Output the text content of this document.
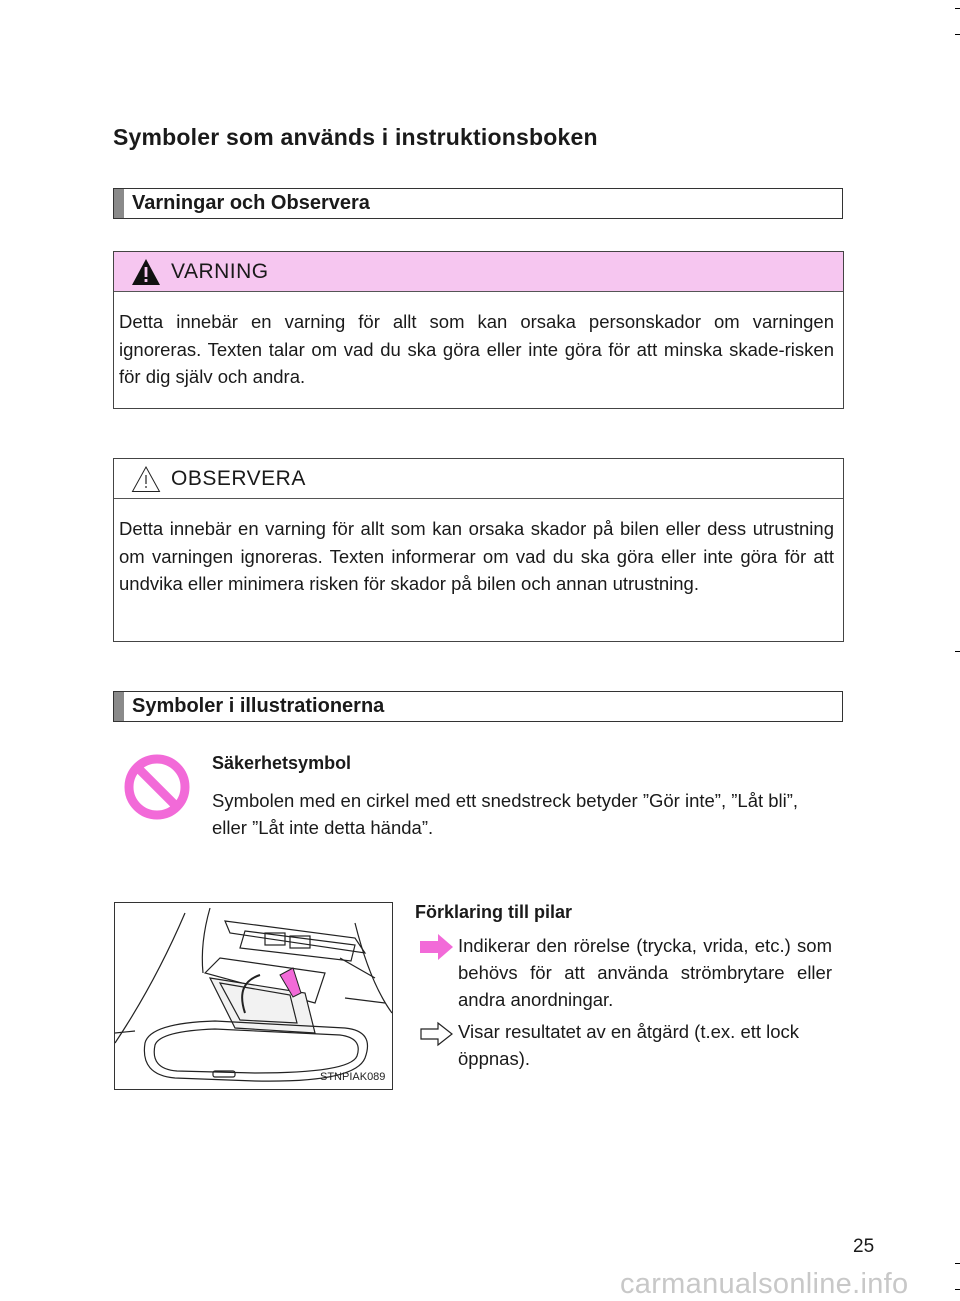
Symboler som används i instruktionsboken
Varningar och Observera
VARNING
Detta innebär en varning för allt som kan orsaka personskador om varningen ignoreras. Texten talar om vad du ska göra eller inte göra för att minska skade-risken för dig själv och andra.
OBSERVERA
Detta innebär en varning för allt som kan orsaka skador på bilen eller dess utrustning om varningen ignoreras. Texten informerar om vad du ska göra eller inte göra för att undvika eller minimera risken för skador på bilen och annan utrustning.
Symboler i illustrationerna
Säkerhetsymbol
Symbolen med en cirkel med ett snedstreck betyder ”Gör inte”, ”Låt bli”, eller ”Låt inte detta hända”.
STNPIAK089
Förklaring till pilar
Indikerar den rörelse (trycka, vrida, etc.) som behövs för att använda strömbrytare eller andra anordningar.
Visar resultatet av en åtgärd (t.ex. ett lock öppnas).
25
carmanualsonline.info
